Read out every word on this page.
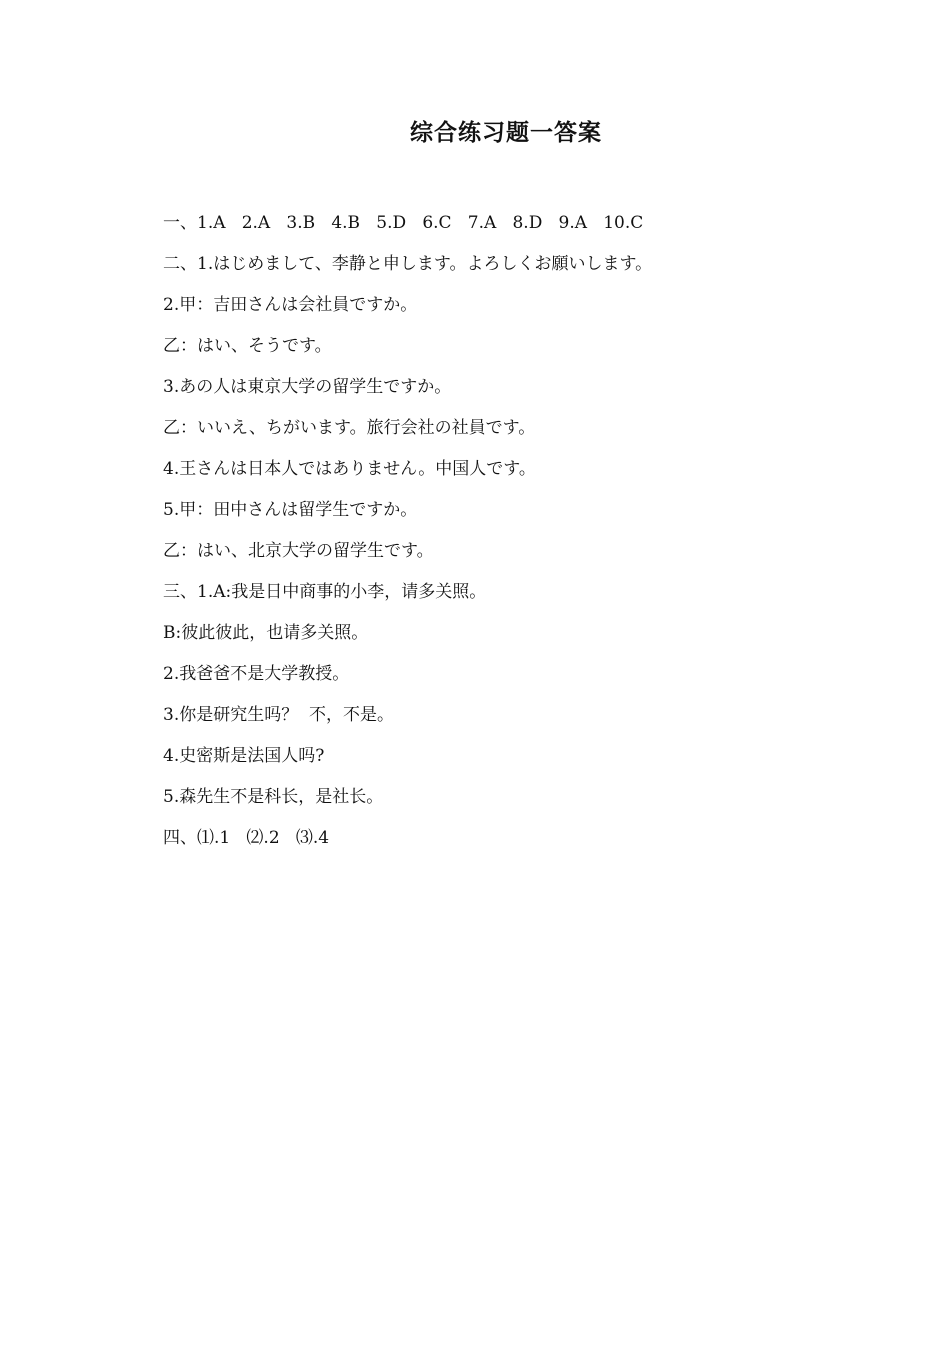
综合练习题一答案
一、1.A   2.A   3.B   4.B   5.D   6.C   7.A   8.D   9.A   10.C
二、1.はじめまして、李静と申します。よろしくお願いします。
2.甲：吉田さんは会社員ですか。
乙：はい、そうです。
3.あの人は東京大学の留学生ですか。
乙：いいえ、ちがいます。旅行会社の社員です。
4.王さんは日本人ではありません。中国人です。
5.甲：田中さんは留学生ですか。
乙：はい、北京大学の留学生です。
三、1.A:我是日中商事的小李，请多关照。
B:彼此彼此，也请多关照。
2.我爸爸不是大学教授。
3.你是研究生吗？  不，不是。
4.史密斯是法国人吗?
5.森先生不是科长，是社长。
四、⑴.1   ⑵.2   ⑶.4
